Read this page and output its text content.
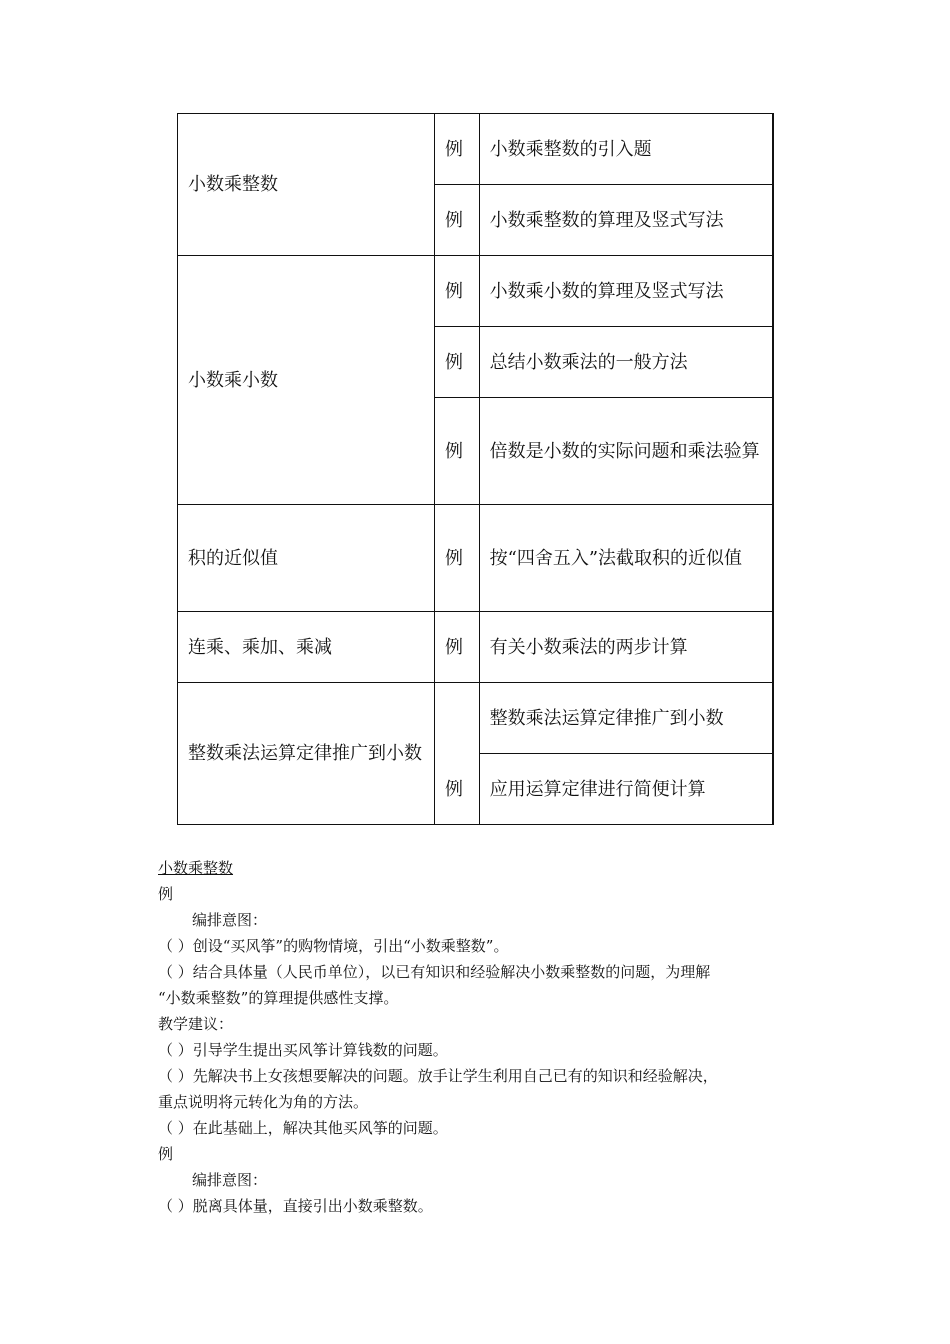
小数乘整数	例	小数乘整数的引入题
	例	小数乘整数的算理及竖式写法
小数乘小数	例	小数乘小数的算理及竖式写法
	例	总结小数乘法的一般方法
	例	倍数是小数的实际问题和乘法验算
积的近似值	例	按“四舍五入”法截取积的近似值
连乘、乘加、乘减	例	有关小数乘法的两步计算
整数乘法运算定律推广到小数	例	整数乘法运算定律推广到小数
		应用运算定律进行简便计算

小数乘整数

例

编排意图：

（ ）创设“买风筝”的购物情境，引出“小数乘整数”。

（ ）结合具体量（人民币单位），以已有知识和经验解决小数乘整数的问题，为理解

“小数乘整数”的算理提供感性支撑。

教学建议：

（ ）引导学生提出买风筝计算钱数的问题。

（ ）先解决书上女孩想要解决的问题。放手让学生利用自己已有的知识和经验解决，

重点说明将元转化为角的方法。

（ ）在此基础上，解决其他买风筝的问题。

例

编排意图：

（ ）脱离具体量，直接引出小数乘整数。
